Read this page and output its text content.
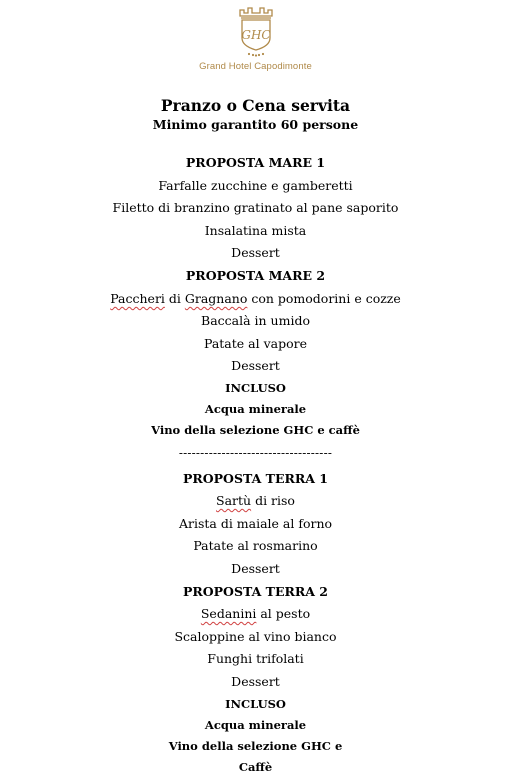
GHC
Grand Hotel Capodimonte
Pranzo o Cena servita
Minimo garantito 60 persone
PROPOSTA MARE 1
Farfalle zucchine e gamberetti
Filetto di branzino gratinato al pane saporito
Insalatina mista
Dessert
PROPOSTA MARE 2
Paccheri di Gragnano con pomodorini e cozze
Baccalà in umido
Patate al vapore
Dessert
INCLUSO
Acqua minerale
Vino della selezione GHC e caffè
------------------------------------
PROPOSTA TERRA 1
Sartù di riso
Arista di maiale al forno
Patate al rosmarino
Dessert
PROPOSTA TERRA 2
Sedanini al pesto
Scaloppine al vino bianco
Funghi trifolati
Dessert
INCLUSO
Acqua minerale
Vino della selezione GHC e
Caffè
